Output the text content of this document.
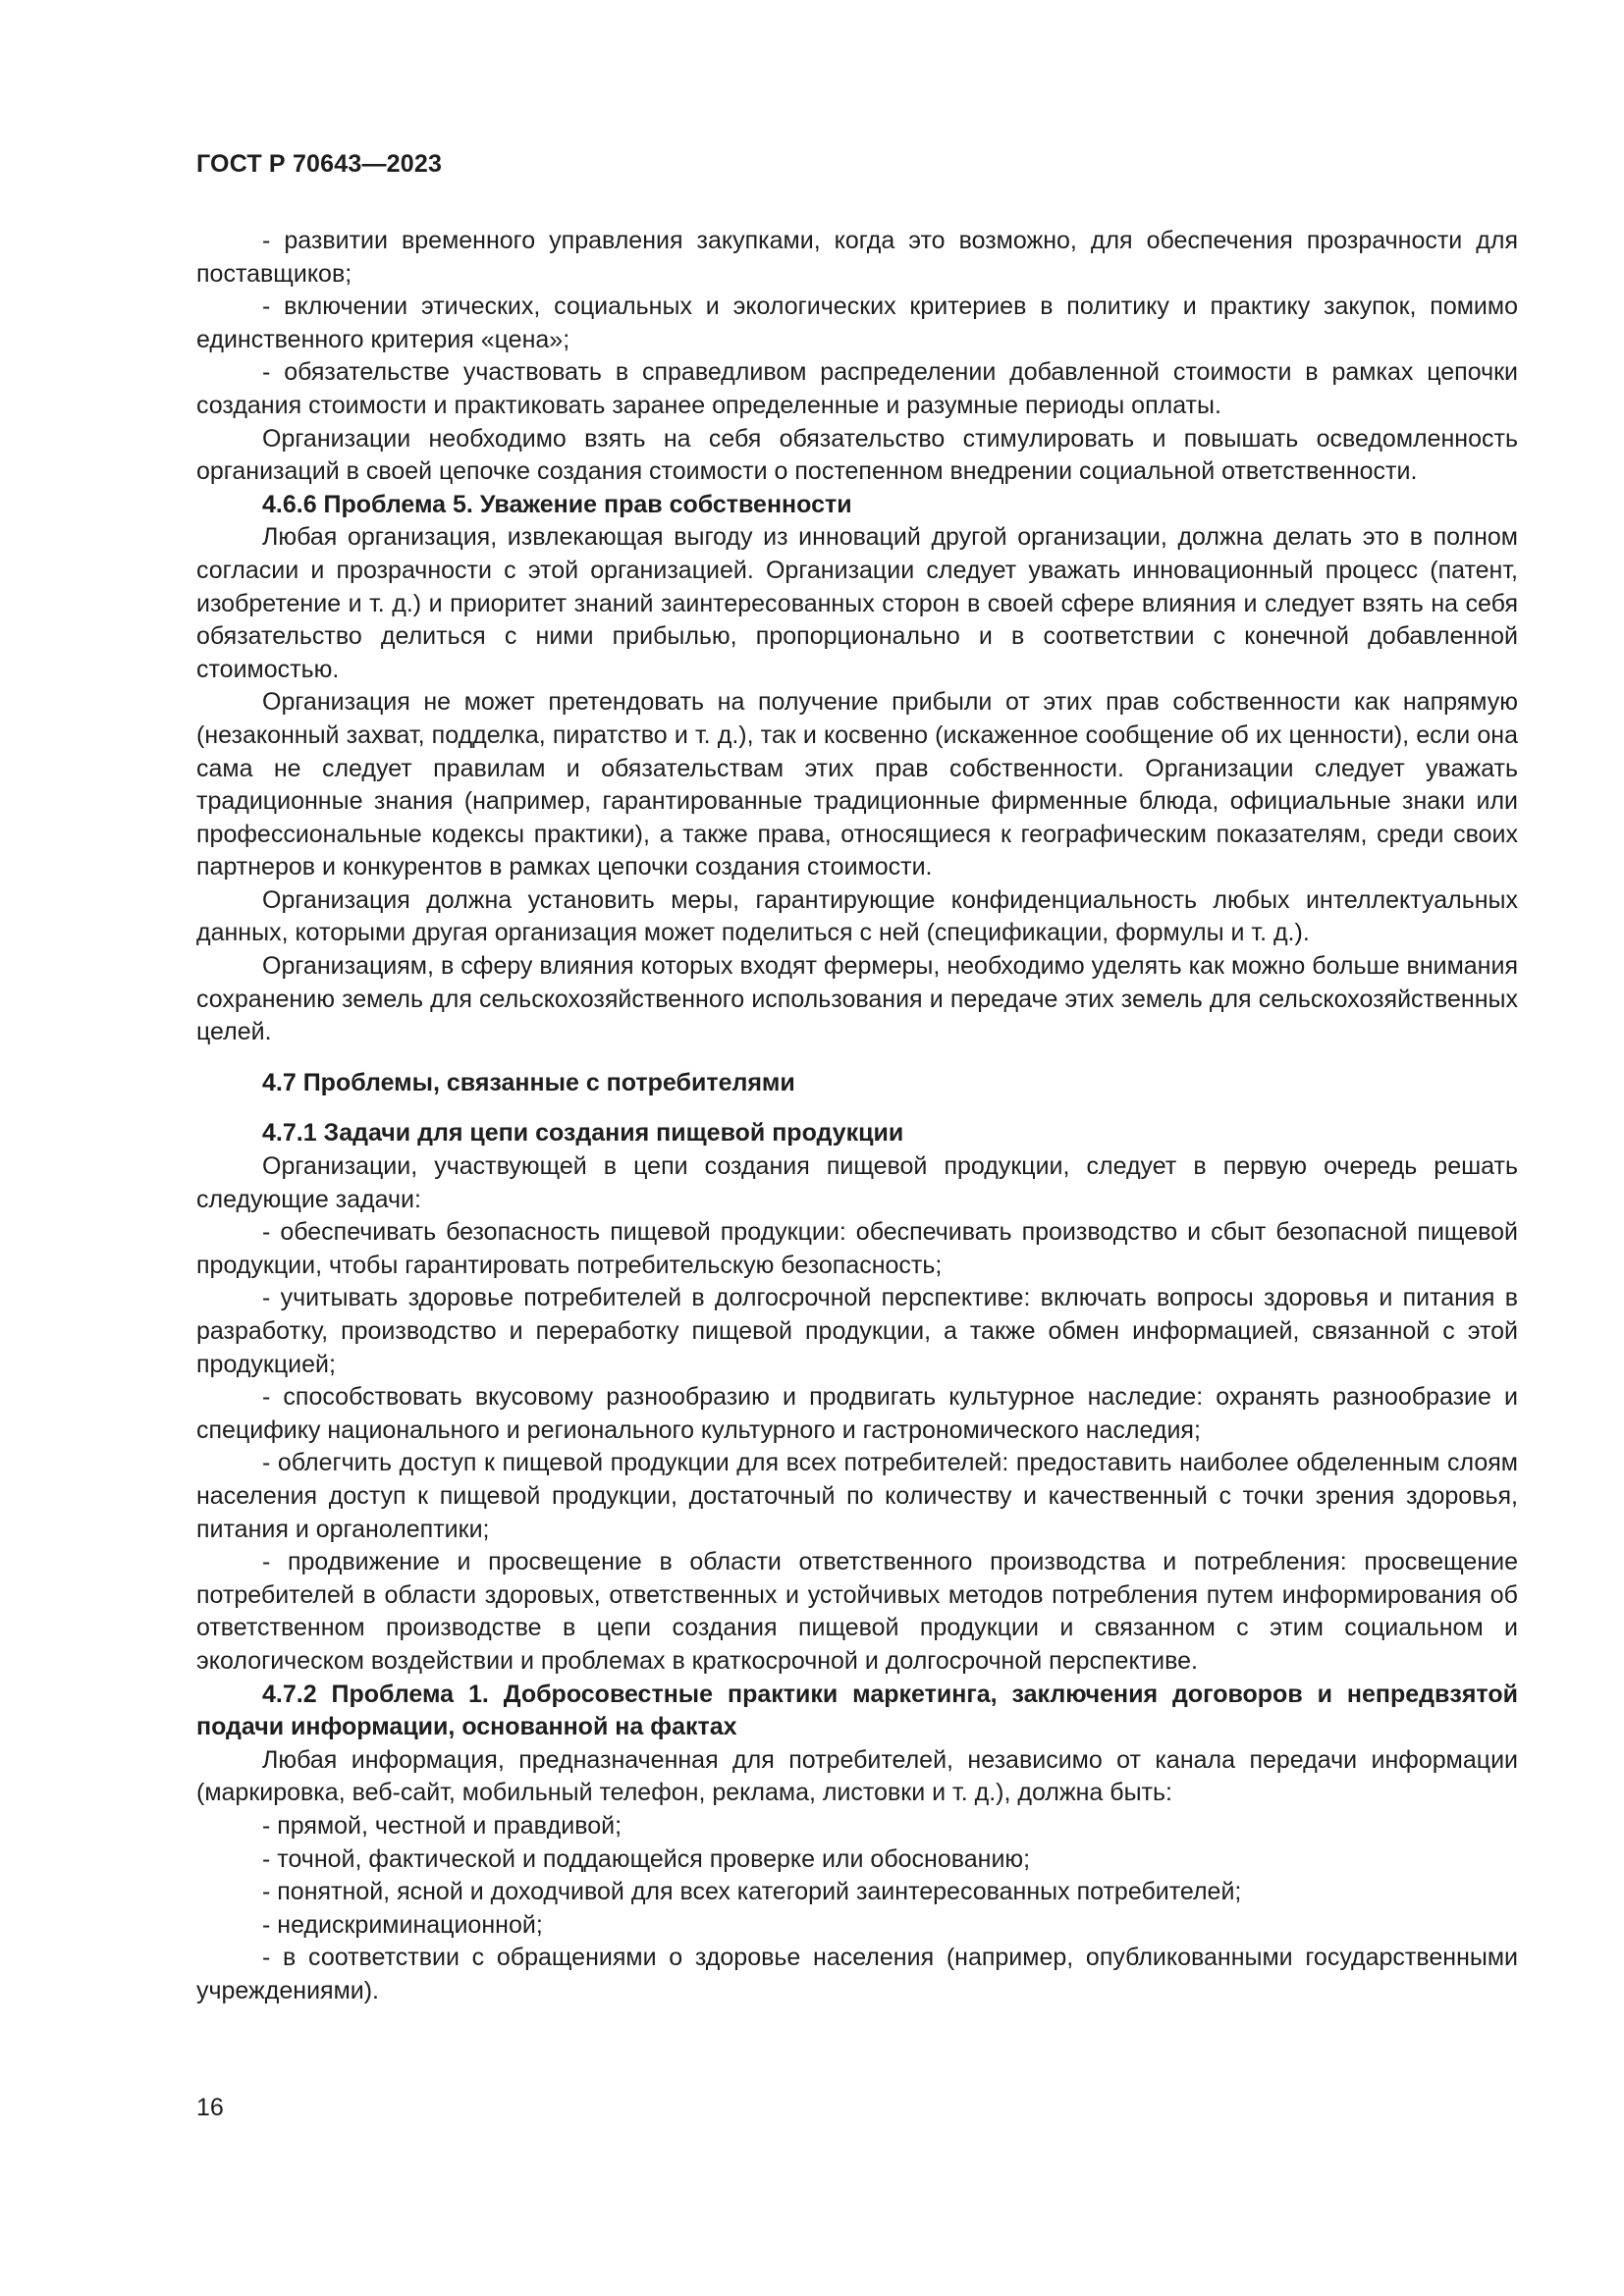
ГОСТ Р 70643—2023

- развитии временного управления закупками, когда это возможно, для обеспечения прозрачности для поставщиков;

- включении этических, социальных и экологических критериев в политику и практику закупок, помимо единственного критерия «цена»;

- обязательстве участвовать в справедливом распределении добавленной стоимости в рамках цепочки создания стоимости и практиковать заранее определенные и разумные периоды оплаты.

Организации необходимо взять на себя обязательство стимулировать и повышать осведомленность организаций в своей цепочке создания стоимости о постепенном внедрении социальной ответственности.

4.6.6 Проблема 5. Уважение прав собственности

Любая организация, извлекающая выгоду из инноваций другой организации, должна делать это в полном согласии и прозрачности с этой организацией. Организации следует уважать инновационный процесс (патент, изобретение и т. д.) и приоритет знаний заинтересованных сторон в своей сфере влияния и следует взять на себя обязательство делиться с ними прибылью, пропорционально и в соответствии с конечной добавленной стоимостью.

Организация не может претендовать на получение прибыли от этих прав собственности как напрямую (незаконный захват, подделка, пиратство и т. д.), так и косвенно (искаженное сообщение об их ценности), если она сама не следует правилам и обязательствам этих прав собственности. Организации следует уважать традиционные знания (например, гарантированные традиционные фирменные блюда, официальные знаки или профессиональные кодексы практики), а также права, относящиеся к географическим показателям, среди своих партнеров и конкурентов в рамках цепочки создания стоимости.

Организация должна установить меры, гарантирующие конфиденциальность любых интеллектуальных данных, которыми другая организация может поделиться с ней (спецификации, формулы и т. д.).

Организациям, в сферу влияния которых входят фермеры, необходимо уделять как можно больше внимания сохранению земель для сельскохозяйственного использования и передаче этих земель для сельскохозяйственных целей.

4.7 Проблемы, связанные с потребителями

4.7.1 Задачи для цепи создания пищевой продукции

Организации, участвующей в цепи создания пищевой продукции, следует в первую очередь решать следующие задачи:

- обеспечивать безопасность пищевой продукции: обеспечивать производство и сбыт безопасной пищевой продукции, чтобы гарантировать потребительскую безопасность;

- учитывать здоровье потребителей в долгосрочной перспективе: включать вопросы здоровья и питания в разработку, производство и переработку пищевой продукции, а также обмен информацией, связанной с этой продукцией;

- способствовать вкусовому разнообразию и продвигать культурное наследие: охранять разнообразие и специфику национального и регионального культурного и гастрономического наследия;

- облегчить доступ к пищевой продукции для всех потребителей: предоставить наиболее обделенным слоям населения доступ к пищевой продукции, достаточный по количеству и качественный с точки зрения здоровья, питания и органолептики;

- продвижение и просвещение в области ответственного производства и потребления: просвещение потребителей в области здоровых, ответственных и устойчивых методов потребления путем информирования об ответственном производстве в цепи создания пищевой продукции и связанном с этим социальном и экологическом воздействии и проблемах в краткосрочной и долгосрочной перспективе.

4.7.2 Проблема 1. Добросовестные практики маркетинга, заключения договоров и непредвзятой подачи информации, основанной на фактах

Любая информация, предназначенная для потребителей, независимо от канала передачи информации (маркировка, веб-сайт, мобильный телефон, реклама, листовки и т. д.), должна быть:

- прямой, честной и правдивой;

- точной, фактической и поддающейся проверке или обоснованию;

- понятной, ясной и доходчивой для всех категорий заинтересованных потребителей;

- недискриминационной;

- в соответствии с обращениями о здоровье населения (например, опубликованными государственными учреждениями).

16
